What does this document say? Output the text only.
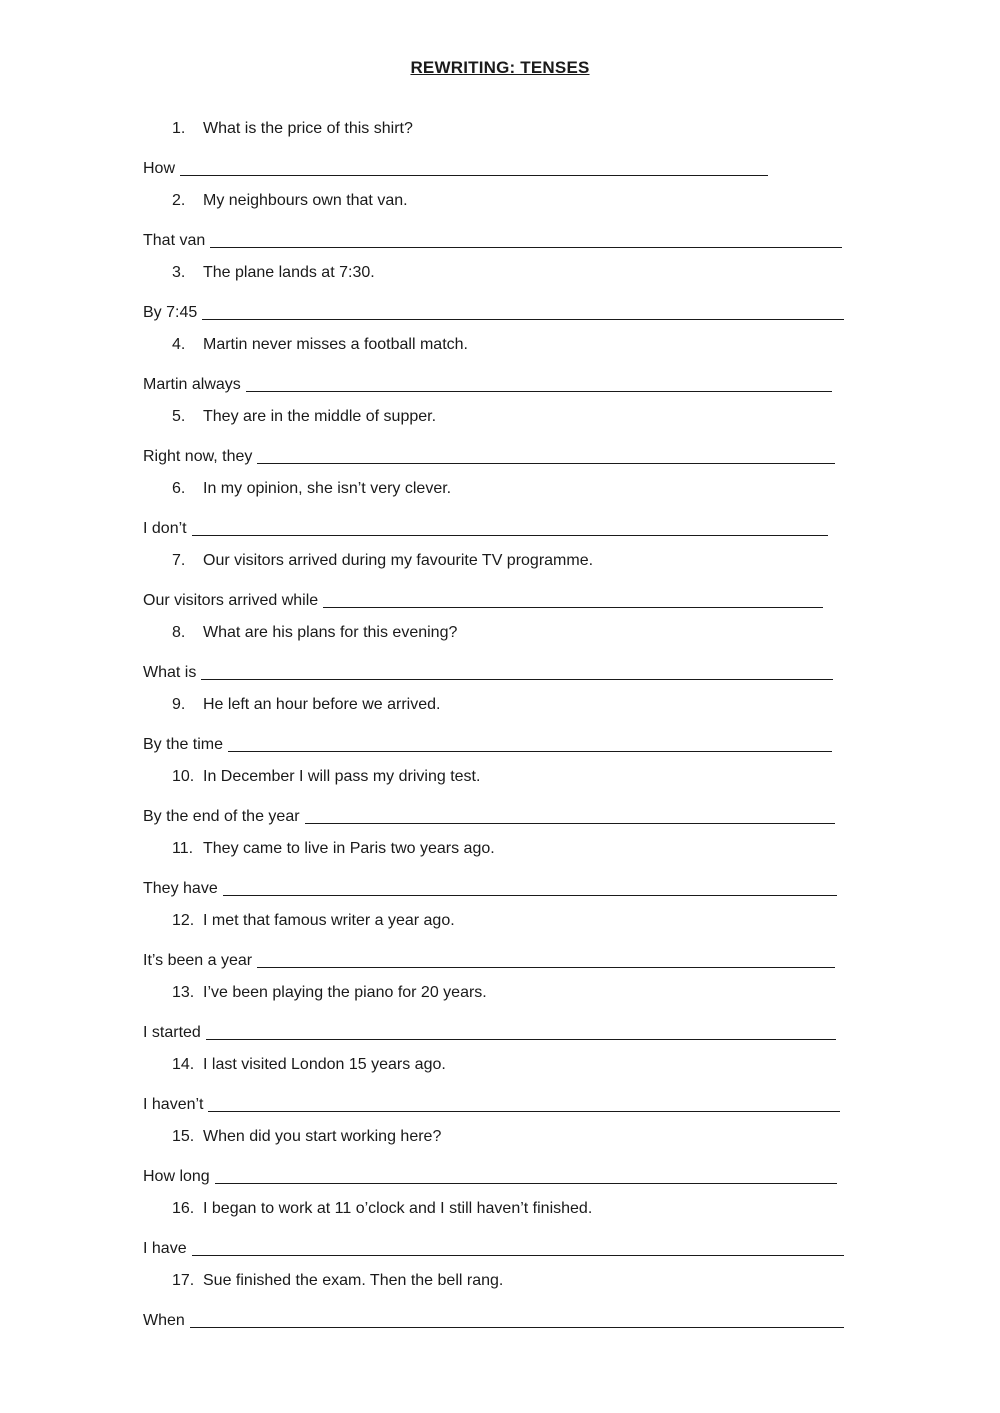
REWRITING: TENSES
1. What is the price of this shirt?
How
2. My neighbours own that van.
That van
3. The plane lands at 7:30.
By 7:45
4. Martin never misses a football match.
Martin always
5. They are in the middle of supper.
Right now, they
6. In my opinion, she isn’t very clever.
I don’t
7. Our visitors arrived during my favourite TV programme.
Our visitors arrived while
8. What are his plans for this evening?
What is
9. He left an hour before we arrived.
By the time
10. In December I will pass my driving test.
By the end of the year
11. They came to live in Paris two years ago.
They have
12. I met that famous writer a year ago.
It’s been a year
13. I’ve been playing the piano for 20 years.
I started
14. I last visited London 15 years ago.
I haven’t
15. When did you start working here?
How long
16. I began to work at 11 o’clock and I still haven’t finished.
I have
17. Sue finished the exam. Then the bell rang.
When
